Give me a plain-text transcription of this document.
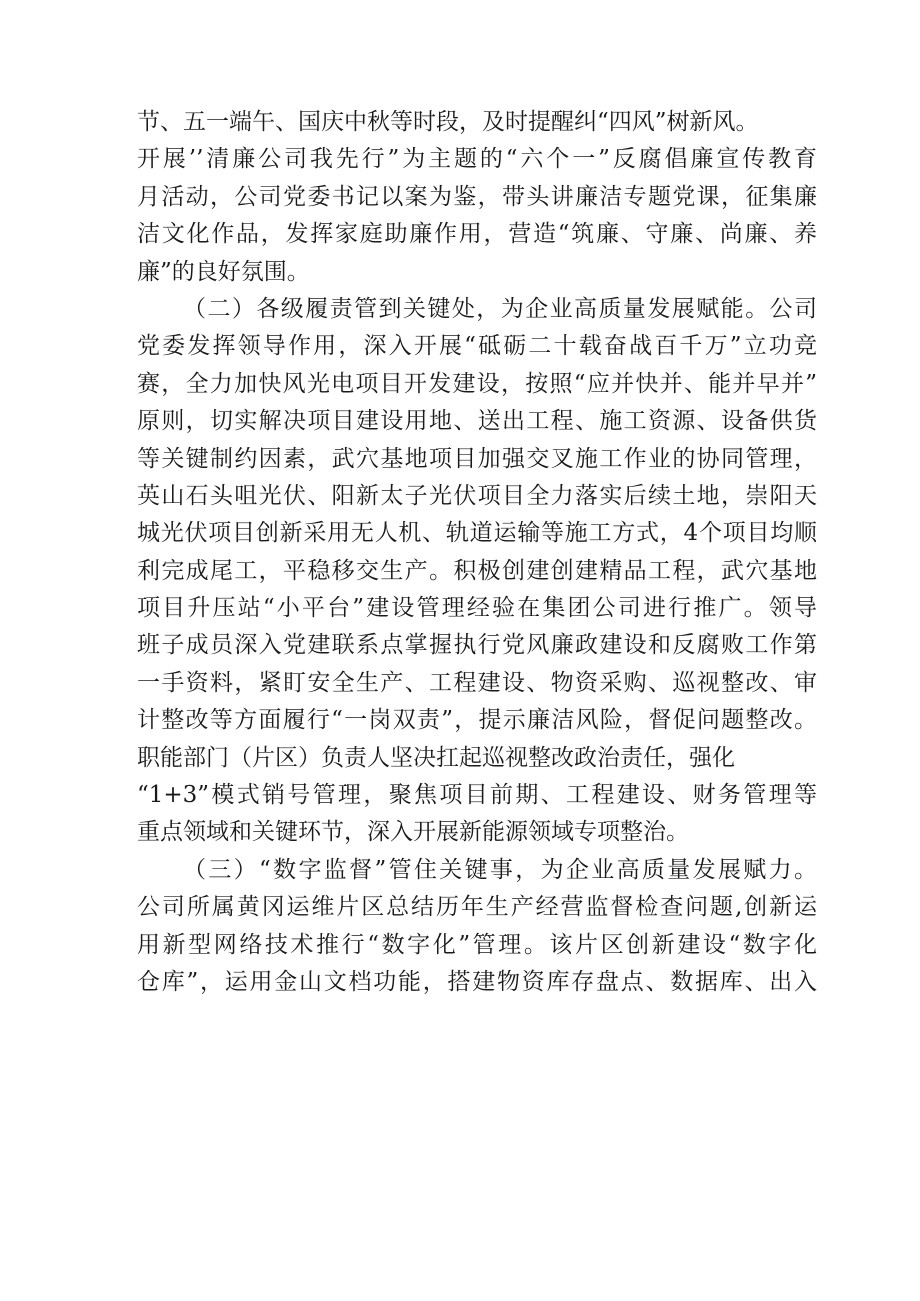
节、五一端午、国庆中秋等时段，及时提醒纠“四风”树新风。
开展’’清廉公司我先行”为主题的“六个一”反腐倡廉宣传教育
月活动，公司党委书记以案为鉴，带头讲廉洁专题党课，征集廉
洁文化作品，发挥家庭助廉作用，营造“筑廉、守廉、尚廉、养
廉”的良好氛围。
（二）各级履责管到关键处，为企业高质量发展赋能。公司
党委发挥领导作用，深入开展“砥砺二十载奋战百千万”立功竞
赛，全力加快风光电项目开发建设，按照“应并快并、能并早并”
原则，切实解决项目建设用地、送出工程、施工资源、设备供货
等关键制约因素，武穴基地项目加强交叉施工作业的协同管理，
英山石头咀光伏、阳新太子光伏项目全力落实后续土地，崇阳天
城光伏项目创新采用无人机、轨道运输等施工方式，4个项目均顺
利完成尾工，平稳移交生产。积极创建创建精品工程，武穴基地
项目升压站“小平台”建设管理经验在集团公司进行推广。领导
班子成员深入党建联系点掌握执行党风廉政建设和反腐败工作第
一手资料，紧盯安全生产、工程建设、物资采购、巡视整改、审
计整改等方面履行“一岗双责”，提示廉洁风险，督促问题整改。
职能部门（片区）负责人坚决扛起巡视整改政治责任，强化
“1+3”模式销号管理，聚焦项目前期、工程建设、财务管理等
重点领域和关键环节，深入开展新能源领域专项整治。
（三）“数字监督”管住关键事，为企业高质量发展赋力。
公司所属黄冈运维片区总结历年生产经营监督检查问题,创新运
用新型网络技术推行“数字化”管理。该片区创新建设“数字化
仓库”，运用金山文档功能，搭建物资库存盘点、数据库、出入
